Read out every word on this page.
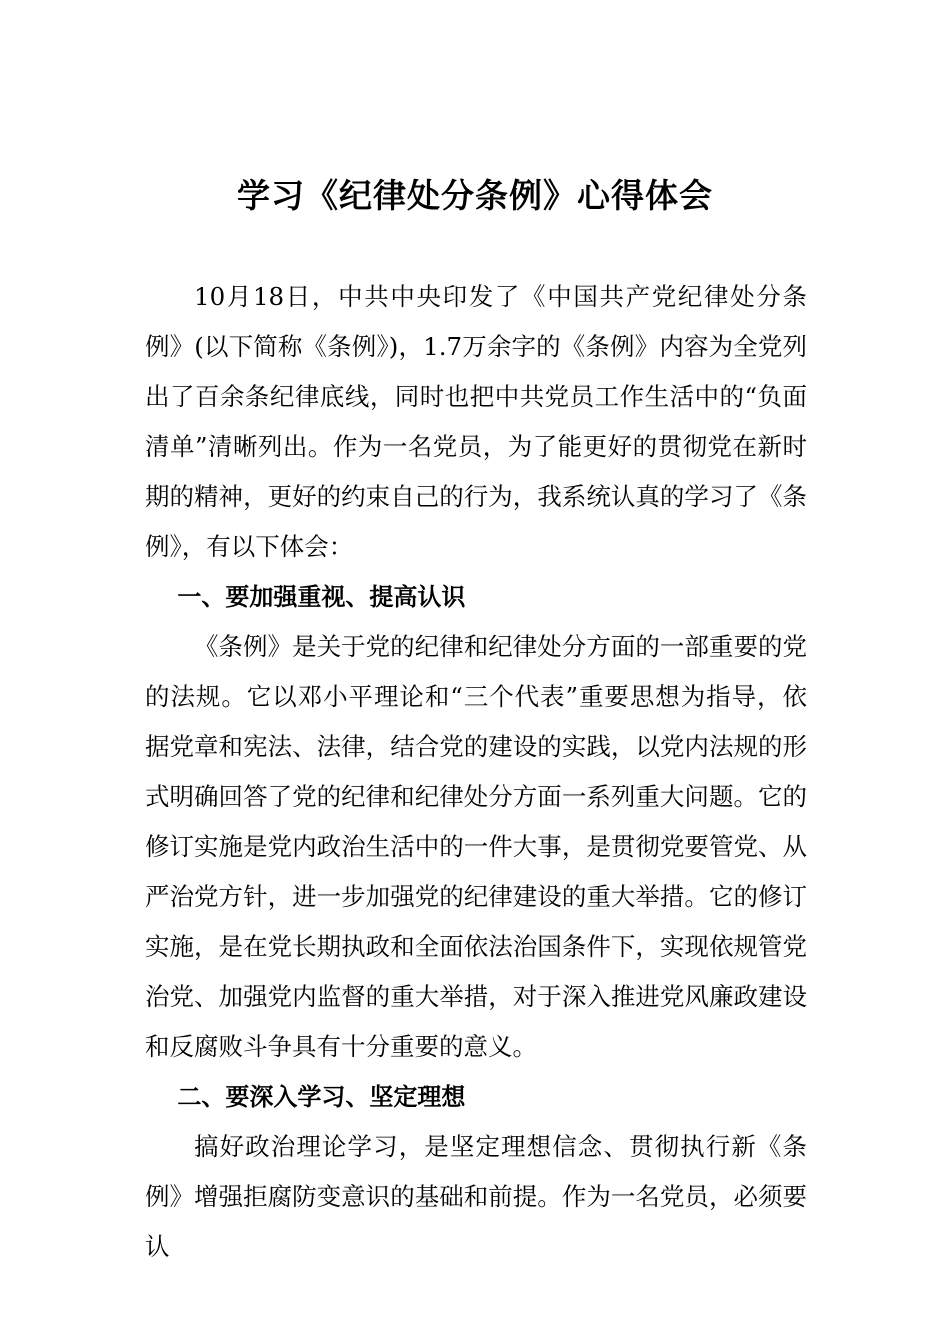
学习《纪律处分条例》心得体会

10月18日，中共中央印发了《中国共产党纪律处分条例》(以下简称《条例》)，1.7万余字的《条例》内容为全党列出了百余条纪律底线，同时也把中共党员工作生活中的“负面清单”清晰列出。作为一名党员，为了能更好的贯彻党在新时期的精神，更好的约束自己的行为，我系统认真的学习了《条例》，有以下体会：

一、要加强重视、提高认识

《条例》是关于党的纪律和纪律处分方面的一部重要的党的法规。它以邓小平理论和“三个代表”重要思想为指导，依据党章和宪法、法律，结合党的建设的实践，以党内法规的形式明确回答了党的纪律和纪律处分方面一系列重大问题。它的修订实施是党内政治生活中的一件大事，是贯彻党要管党、从严治党方针，进一步加强党的纪律建设的重大举措。它的修订实施，是在党长期执政和全面依法治国条件下，实现依规管党治党、加强党内监督的重大举措，对于深入推进党风廉政建设和反腐败斗争具有十分重要的意义。

二、要深入学习、坚定理想

搞好政治理论学习，是坚定理想信念、贯彻执行新《条例》增强拒腐防变意识的基础和前提。作为一名党员，必须要认
